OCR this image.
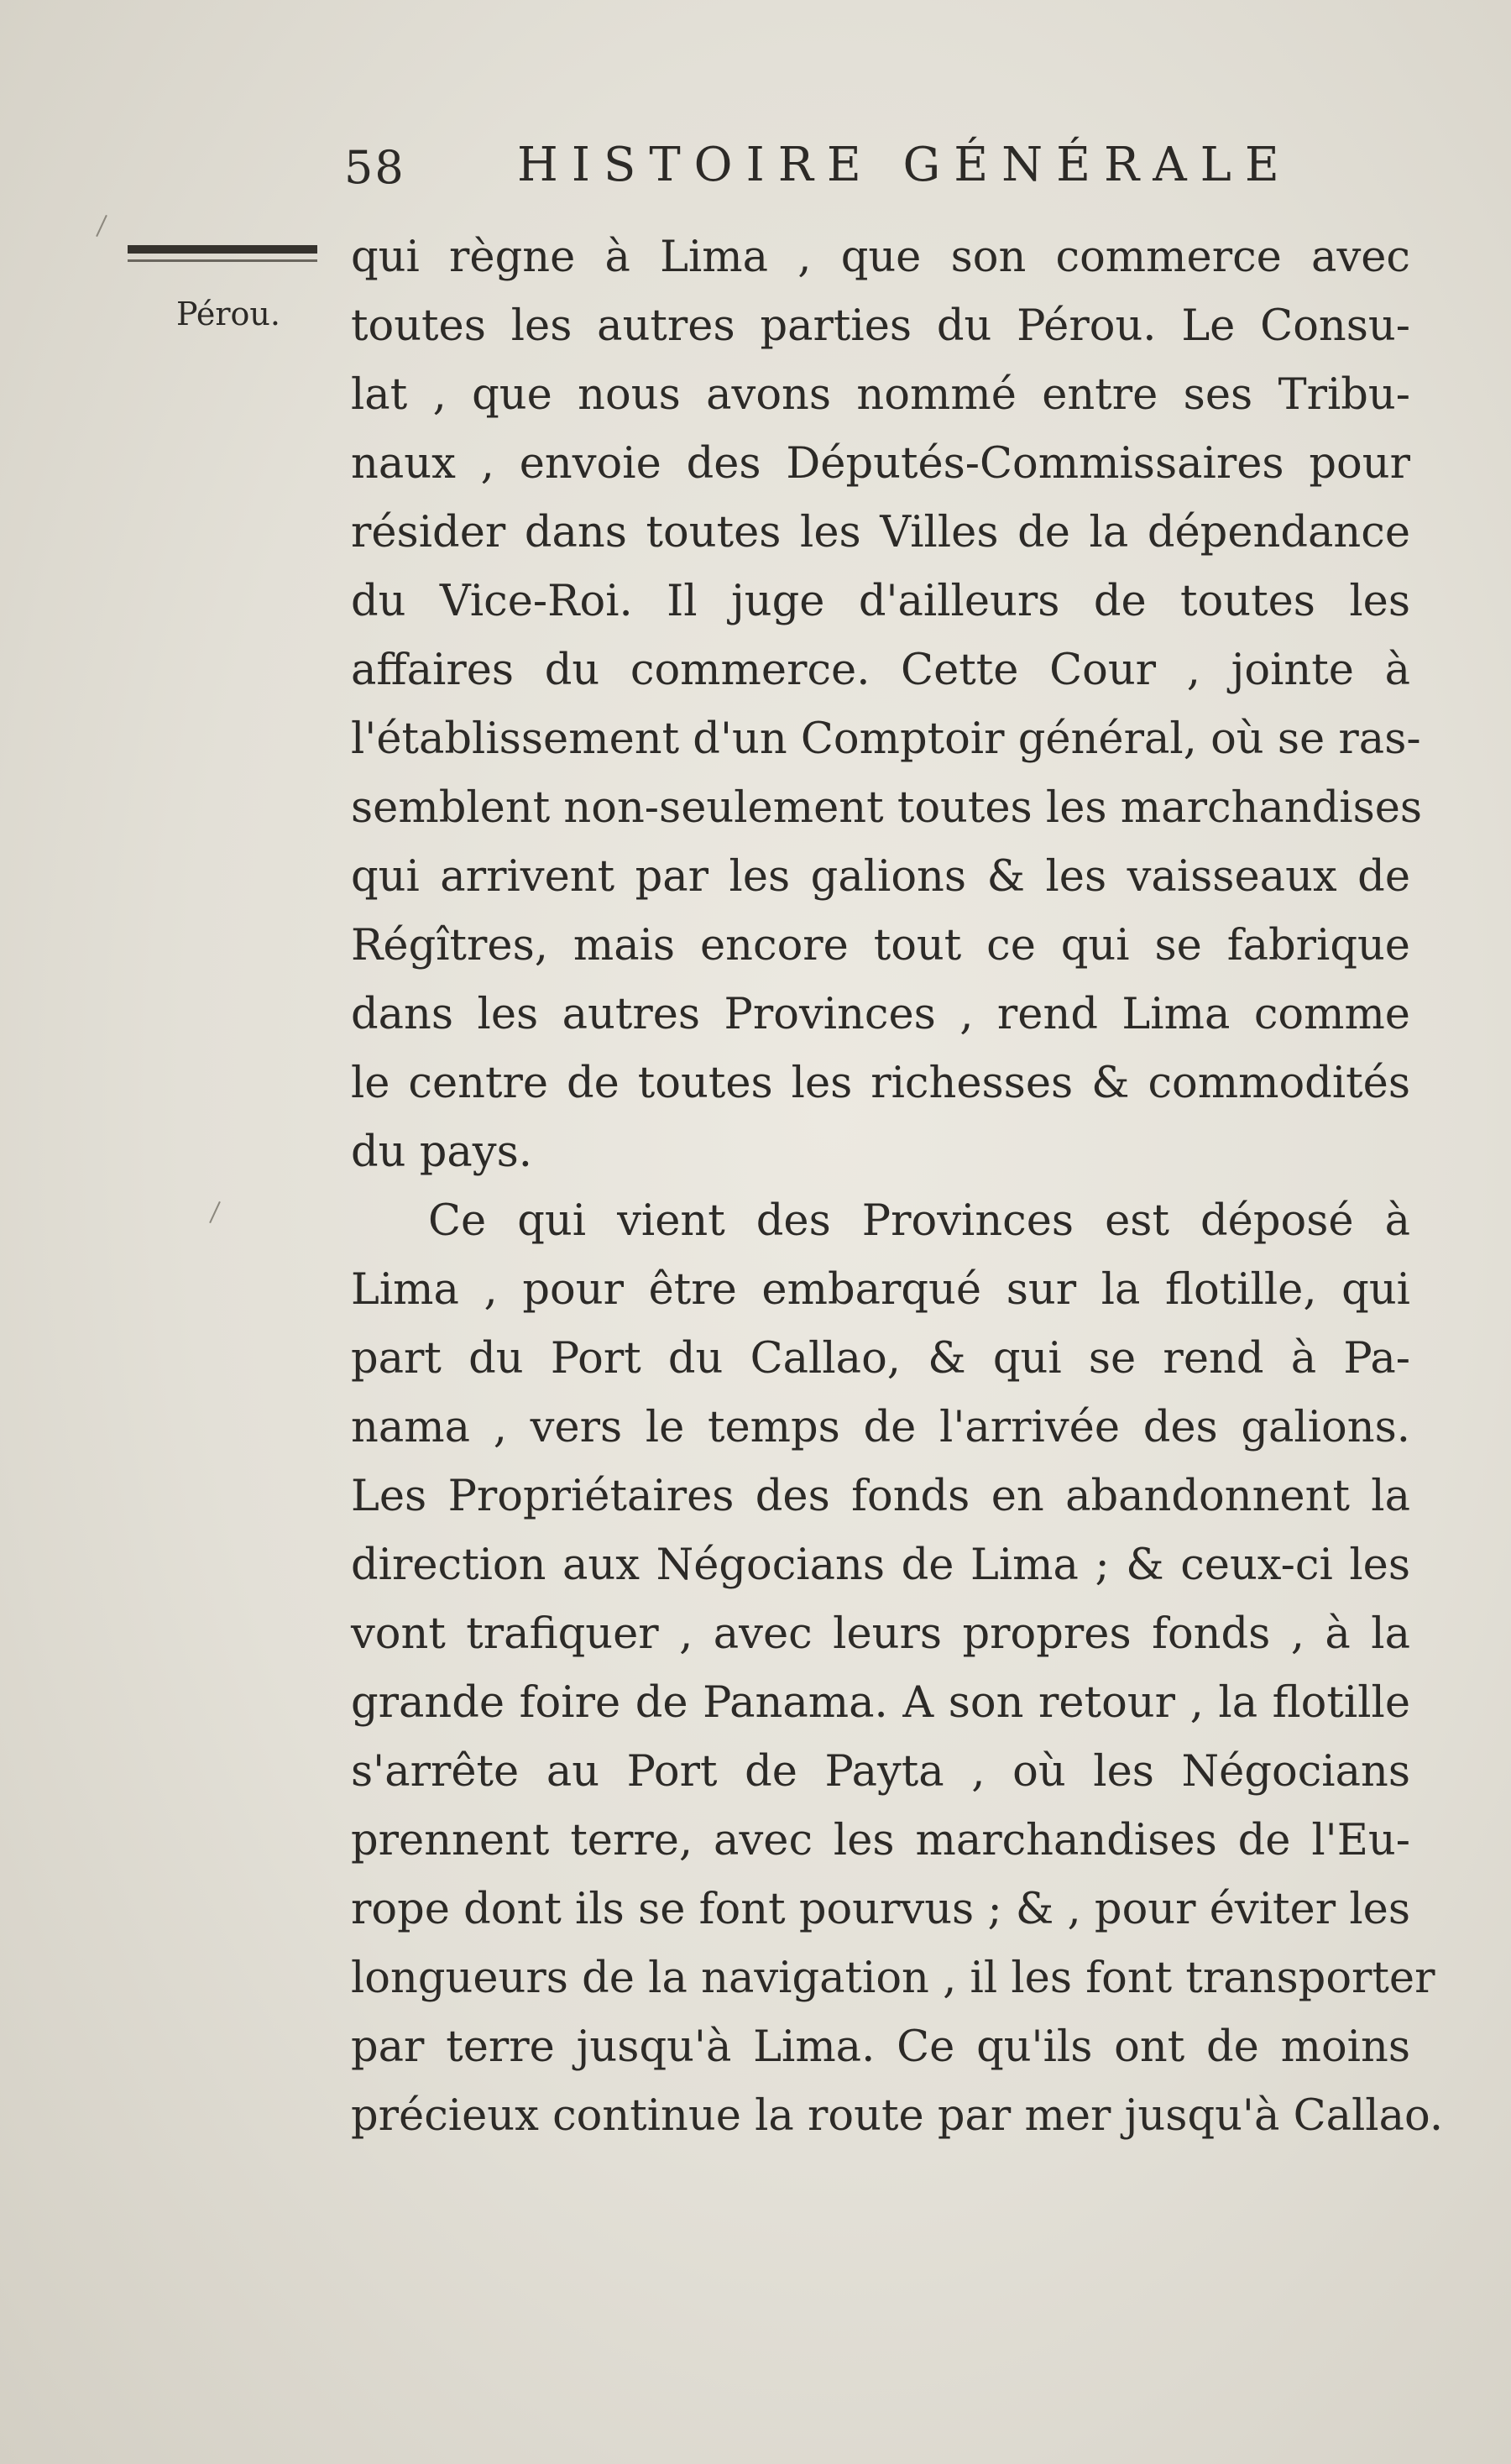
58 HISTOIRE GÉNÉRALE
Pérou.
qui règne à Lima , que son commerce avec
toutes les autres parties du Pérou. Le Consu-
lat , que nous avons nommé entre ses Tribu-
naux , envoie des Députés-Commissaires pour
résider dans toutes les Villes de la dépendance
du Vice-Roi. Il juge d'ailleurs de toutes les
affaires du commerce. Cette Cour , jointe à
l'établissement d'un Comptoir général, où se ras-
semblent non-seulement toutes les marchandises
qui arrivent par les galions & les vaisseaux de
Régîtres, mais encore tout ce qui se fabrique
dans les autres Provinces , rend Lima comme
le centre de toutes les richesses & commodités
du pays.
Ce qui vient des Provinces est déposé à
Lima , pour être embarqué sur la flotille, qui
part du Port du Callao, & qui se rend à Pa-
nama , vers le temps de l'arrivée des galions.
Les Propriétaires des fonds en abandonnent la
direction aux Négocians de Lima ; & ceux-ci les
vont trafiquer , avec leurs propres fonds , à la
grande foire de Panama. A son retour , la flotille
s'arrête au Port de Payta , où les Négocians
prennent terre, avec les marchandises de l'Eu-
rope dont ils se font pourvus ; & , pour éviter les
longueurs de la navigation , il les font transporter
par terre jusqu'à Lima. Ce qu'ils ont de moins
précieux continue la route par mer jusqu'à Callao.
